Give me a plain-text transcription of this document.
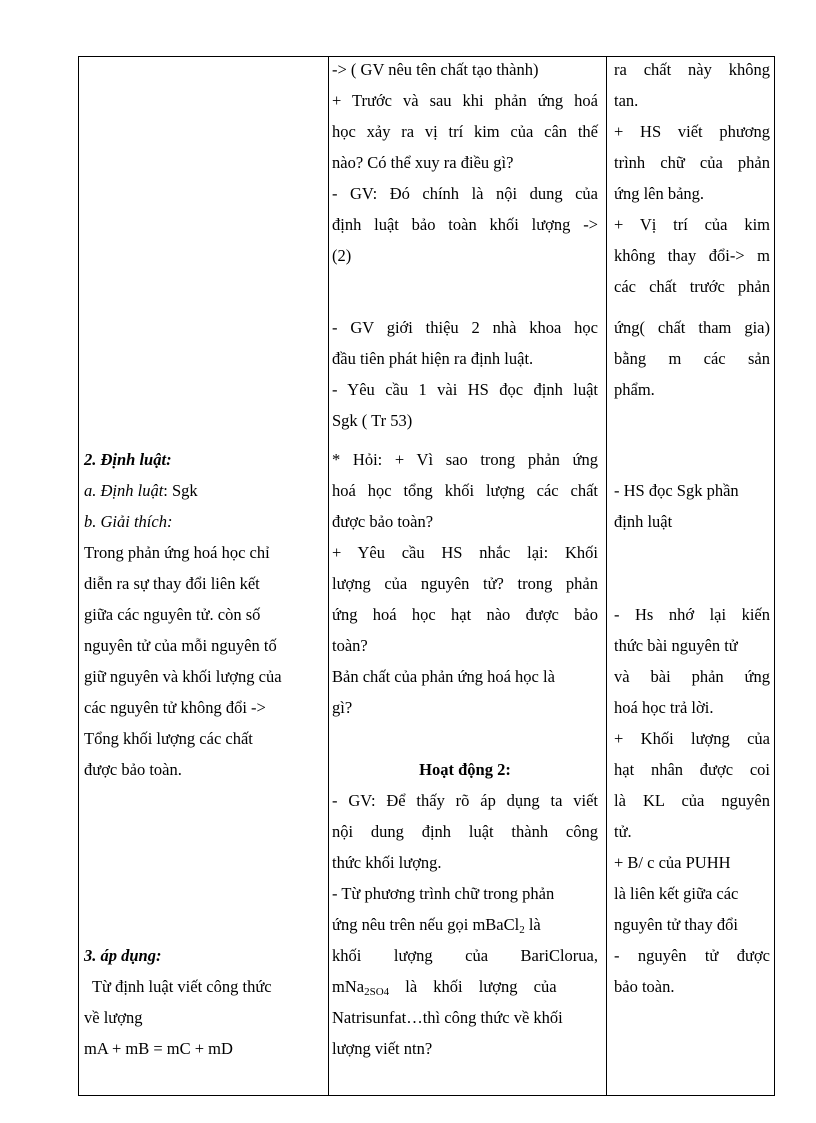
2. Định luật:
a. Định luật: Sgk
b. Giải thích:
Trong phản ứng hoá học chỉ
diễn ra sự thay đổi liên kết
giữa các nguyên tử. còn số
nguyên tử của mỗi nguyên tố
giữ nguyên và khối lượng của
các nguyên tử không đổi ->
Tổng khối lượng các chất
được bảo toàn.
3. áp dụng:
Từ định luật viết công thức
về lượng
mA + mB = mC + mD
-> ( GV nêu tên chất tạo thành)
+ Trước và sau khi phản ứng hoá
học xảy ra vị trí kim của cân thế
nào? Có thể xuy ra điều gì?
- GV: Đó chính là nội dung của
định luật bảo toàn khối lượng ->
(2)
- GV giới thiệu 2 nhà khoa học
đầu tiên phát hiện ra định luật.
- Yêu cầu 1 vài HS đọc định luật
Sgk ( Tr 53)
* Hỏi: + Vì sao trong phản ứng
hoá học tổng khối lượng các chất
được bảo toàn?
+ Yêu cầu HS nhắc lại: Khối
lượng của nguyên tử? trong phản
ứng hoá học hạt nào được bảo
toàn?
Bản chất của phản ứng hoá học là
gì?
Hoạt động 2:
- GV: Để thấy rõ áp dụng ta viết
nội dung định luật thành công
thức khối lượng.
- Từ phương trình chữ trong phản
ứng nêu trên nếu gọi mBaCl$_2$ là
khối lượng của BariClorua,
mNa$_{2SO4}$ là khối lượng của
Natrisunfat…thì công thức về khối
lượng viết ntn?
ra chất này không
tan.
+ HS viết phương
trình chữ của phản
ứng lên bảng.
+ Vị trí của kim
không thay đổi-> m
các chất trước phản
ứng( chất tham gia)
bằng m các sản
phẩm.
- HS đọc Sgk phần
định luật
- Hs nhớ lại kiến
thức bài nguyên tử
và bài phản ứng
hoá học trả lời.
+ Khối lượng của
hạt nhân được coi
là KL của nguyên
tử.
+ B/ c của PUHH
là liên kết giữa các
nguyên tử thay đổi
- nguyên tử được
bảo toàn.
